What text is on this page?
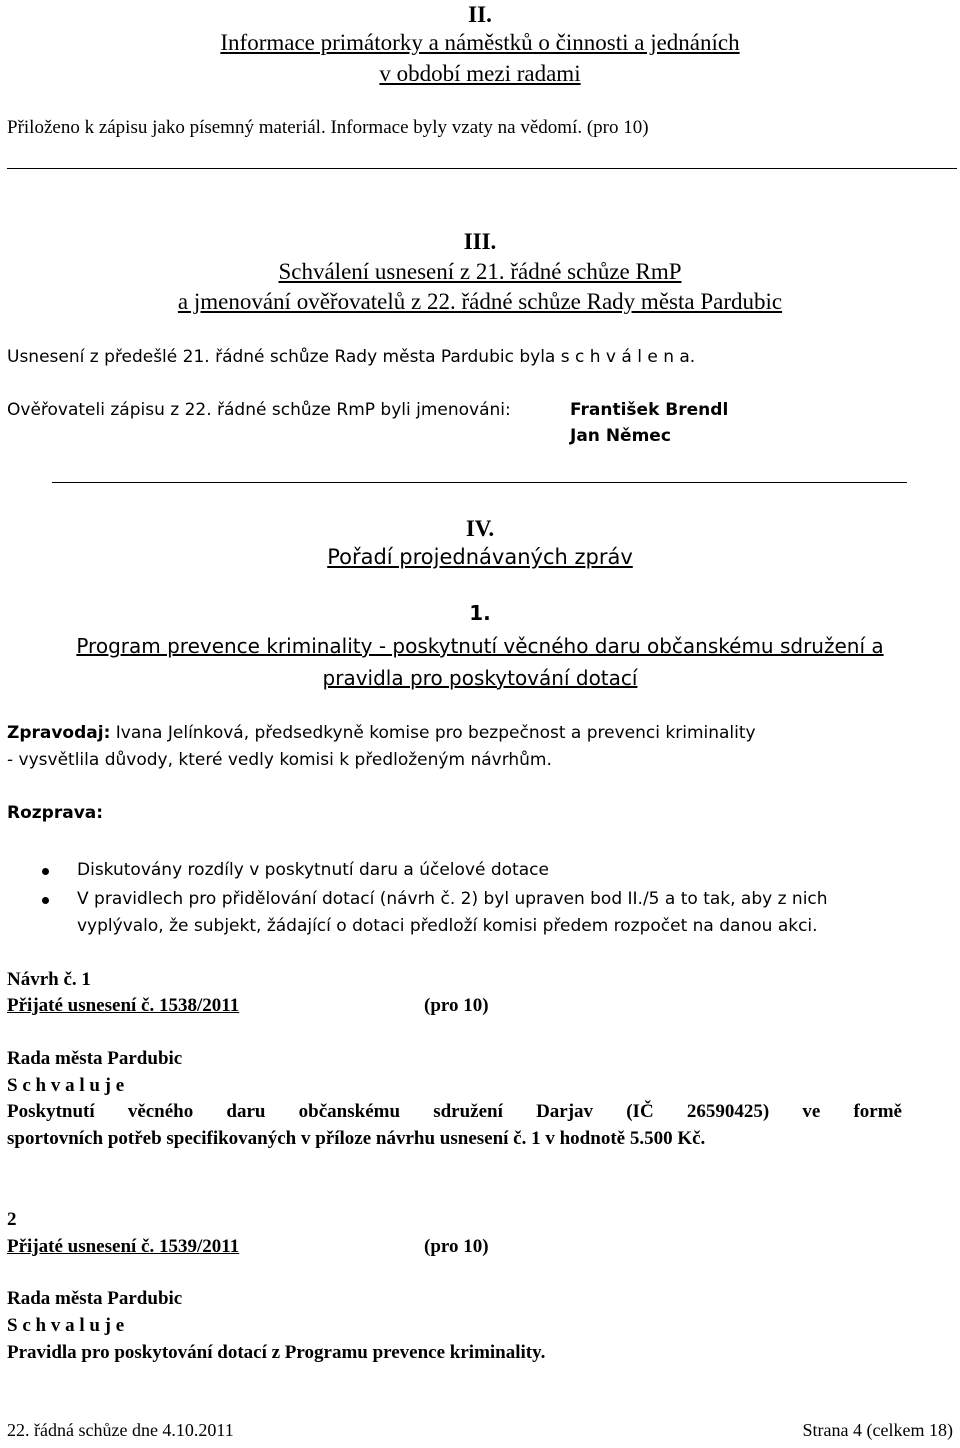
II.
Informace primátorky a náměstků o činnosti a jednáních
v období mezi radami
Přiloženo k zápisu jako písemný materiál. Informace byly vzaty na vědomí. (pro 10)
III.
Schválení usnesení z 21. řádné schůze RmP
a jmenování ověřovatelů z 22. řádné schůze Rady města Pardubic
Usnesení z předešlé 21. řádné schůze Rady města Pardubic byla s c h v á l e n a.
Ověřovateli zápisu z 22. řádné schůze RmP byli jmenováni:	František Brendl
Jan Němec
IV.
Pořadí projednávaných zpráv
1.
Program prevence kriminality - poskytnutí věcného daru občanskému sdružení a
pravidla pro poskytování dotací
Zpravodaj: Ivana Jelínková, předsedkyně komise pro bezpečnost a prevenci kriminality
- vysvětlila důvody, které vedly komisi k předloženým návrhům.
Rozprava:
Diskutovány rozdíly v poskytnutí daru a účelové dotace
V pravidlech pro přidělování dotací (návrh č. 2) byl upraven bod II./5 a to tak, aby z nich
vyplývalo, že subjekt, žádající o dotaci předloží komisi předem rozpočet na danou akci.
Návrh č. 1
Přijaté usnesení č. 1538/2011	(pro 10)
Rada města Pardubic
S c h v a l u j e
Poskytnutí věcného daru občanskému sdružení Darjav (IČ 26590425) ve formě
sportovních potřeb specifikovaných v příloze návrhu usnesení č. 1 v hodnotě 5.500 Kč.
2
Přijaté usnesení č. 1539/2011	(pro 10)
Rada města Pardubic
S c h v a l u j e
Pravidla pro poskytování dotací z Programu prevence kriminality.
22. řádná schůze dne 4.10.2011	Strana 4 (celkem 18)
